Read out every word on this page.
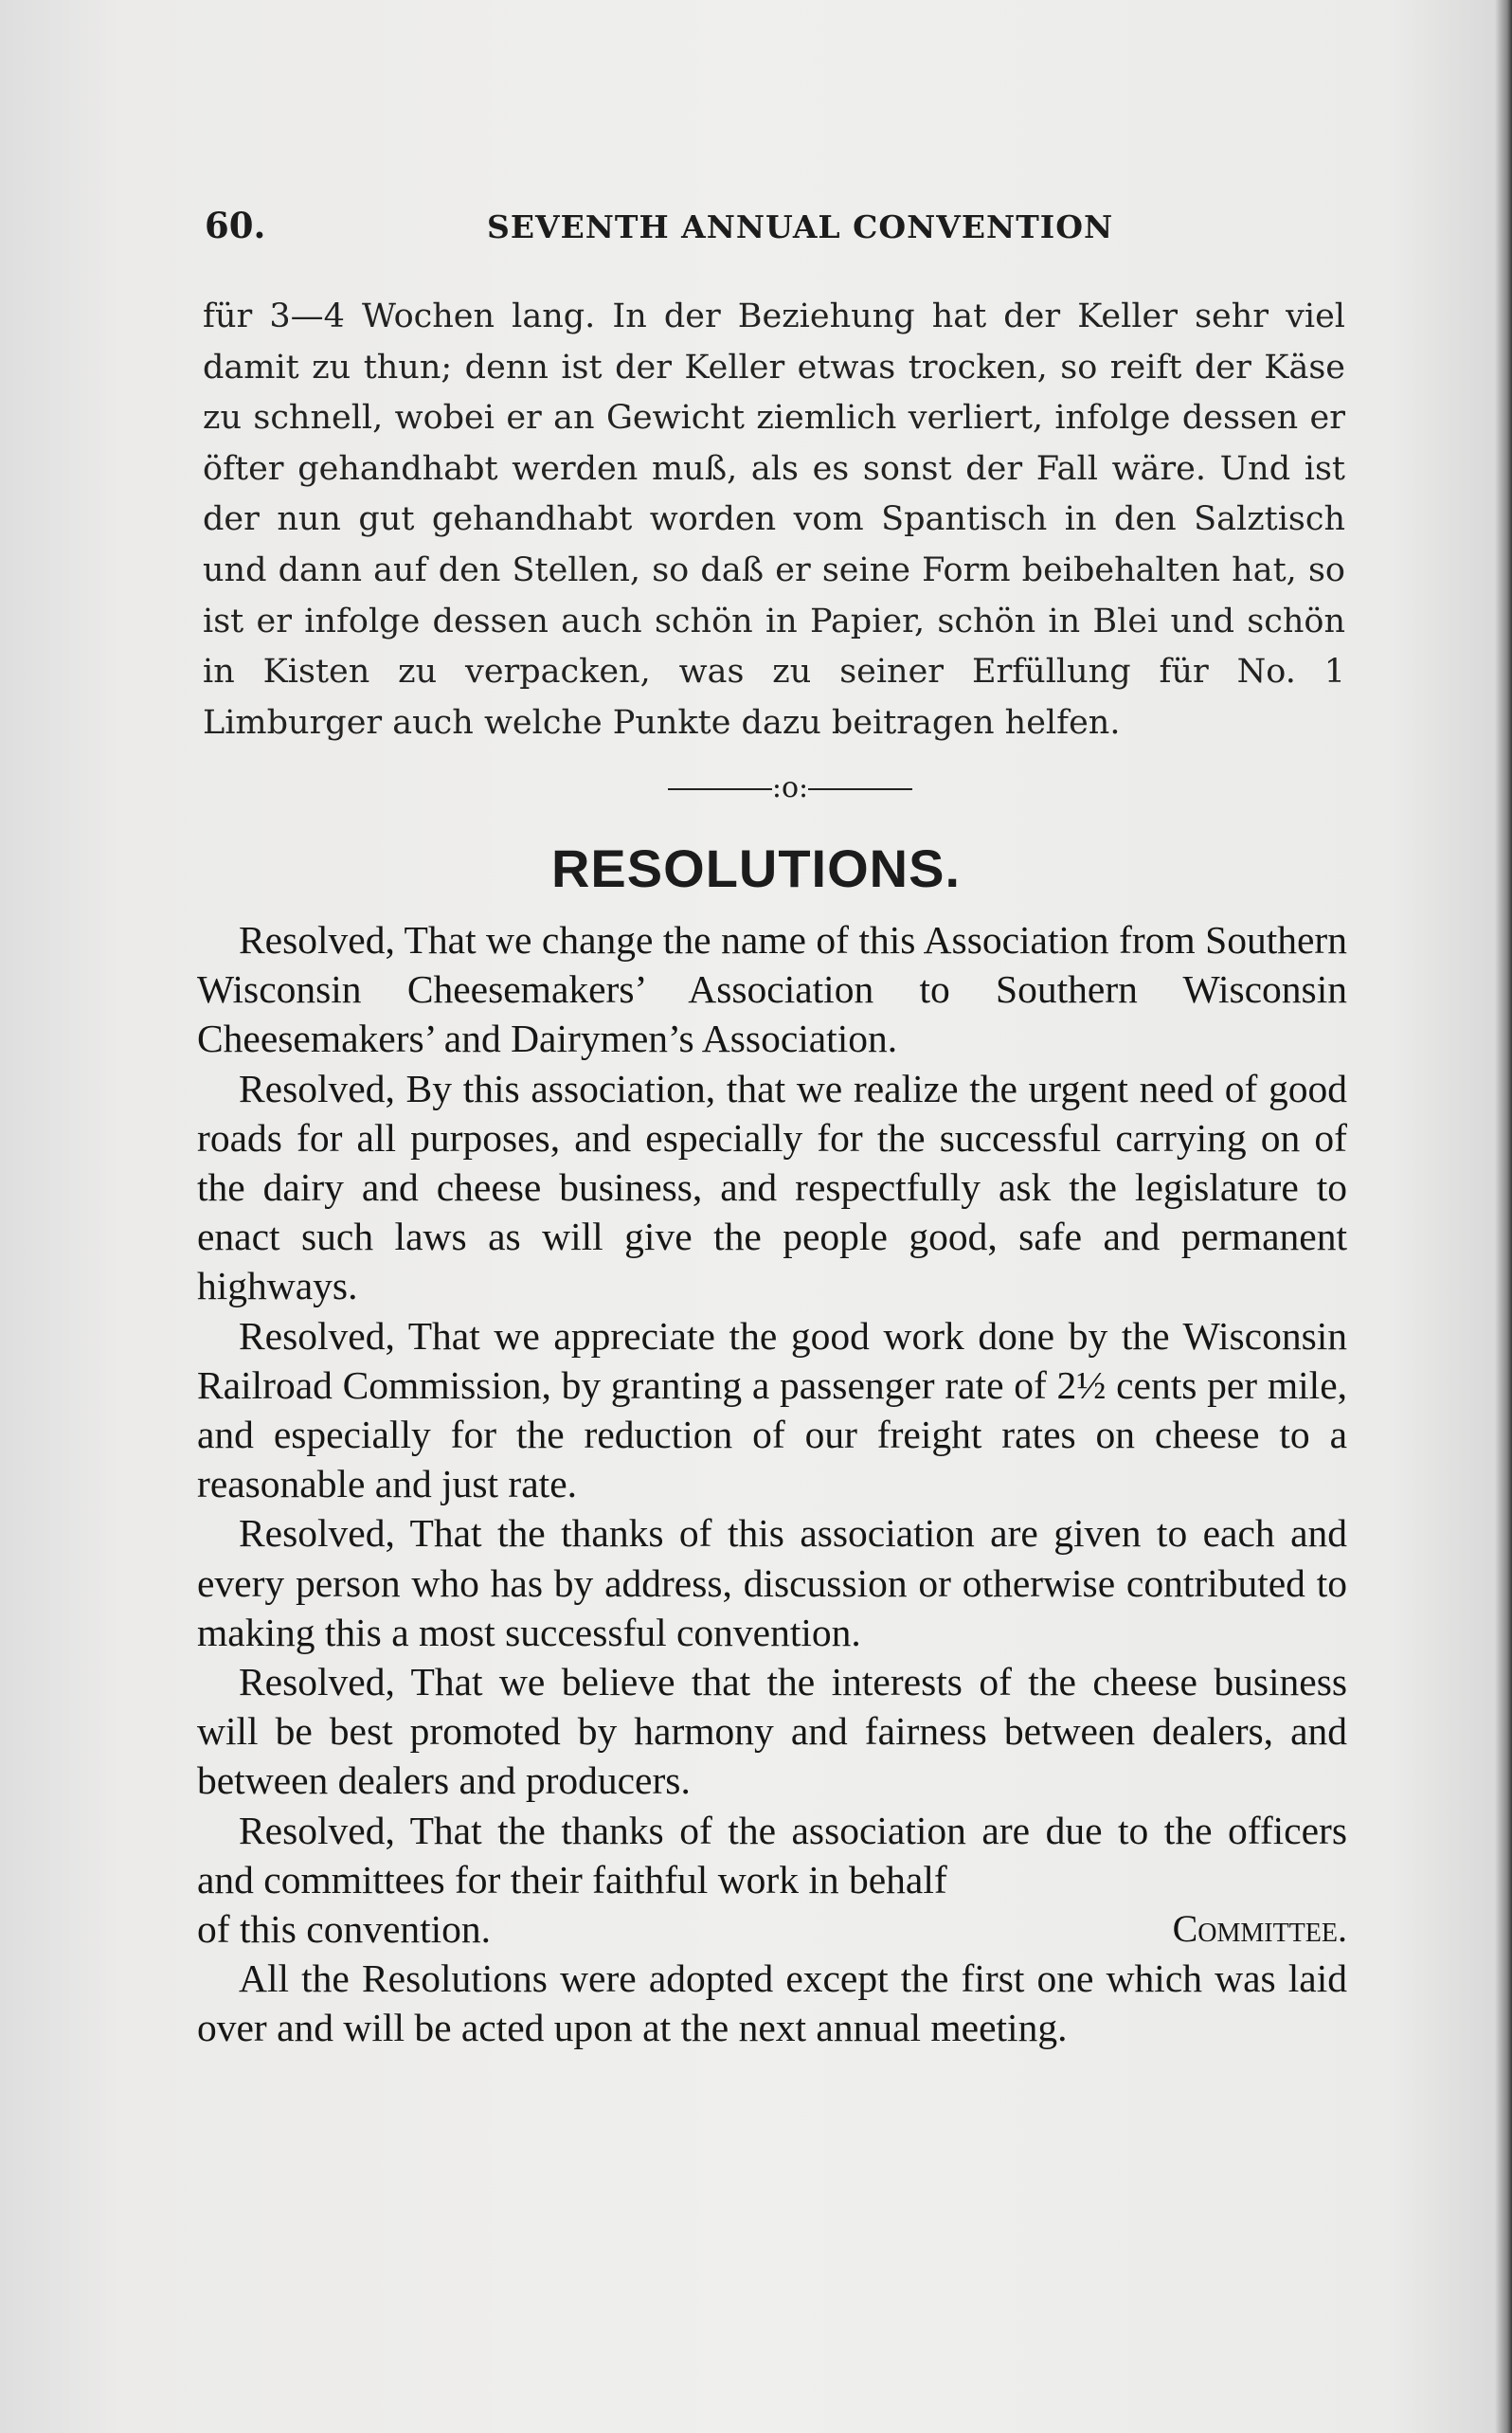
60.	SEVENTH ANNUAL CONVENTION

für 3—4 Wochen lang. In der Beziehung hat der Keller sehr viel damit zu thun; denn ist der Keller etwas trocken, so reift der Käse zu schnell, wobei er an Gewicht ziemlich verliert, infolge dessen er öfter gehandhabt werden muß, als es sonst der Fall wäre. Und ist der nun gut gehandhabt worden vom Spantisch in den Salztisch und dann auf den Stellen, so daß er seine Form beibehalten hat, so ist er infolge dessen auch schön in Papier, schön in Blei und schön in Kisten zu verpacken, was zu seiner Erfüllung für No. 1 Limburger auch welche Punkte dazu beitragen helfen.

:o:
RESOLUTIONS.

Resolved, That we change the name of this Association from Southern Wisconsin Cheesemakers’ Association to Southern Wisconsin Cheesemakers’ and Dairymen’s Association.

Resolved, By this association, that we realize the urgent need of good roads for all purposes, and especially for the successful carrying on of the dairy and cheese business, and respectfully ask the legislature to enact such laws as will give the people good, safe and permanent highways.

Resolved, That we appreciate the good work done by the Wisconsin Railroad Commission, by granting a passenger rate of 2½ cents per mile, and especially for the reduction of our freight rates on cheese to a reasonable and just rate.

Resolved, That the thanks of this association are given to each and every person who has by address, discussion or otherwise contributed to making this a most successful convention.

Resolved, That we believe that the interests of the cheese business will be best promoted by harmony and fairness between dealers, and between dealers and producers.

Resolved, That the thanks of the association are due to the officers and committees for their faithful work in behalf

of this convention.	Committee.

All the Resolutions were adopted except the first one which was laid over and will be acted upon at the next annual meeting.
